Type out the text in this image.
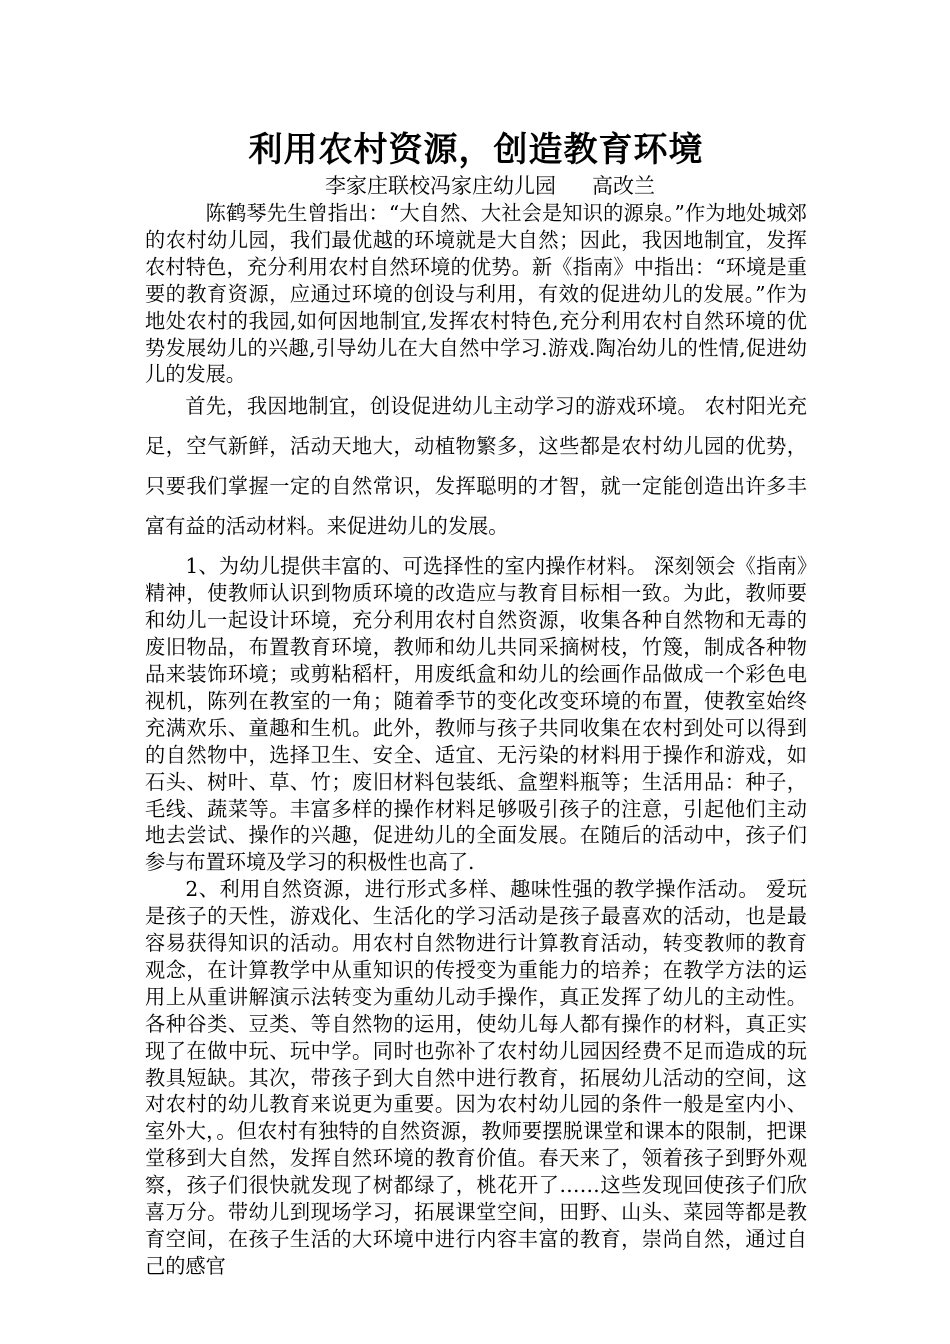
利用农村资源，创造教育环境
李家庄联校冯家庄幼儿园 高改兰

陈鹤琴先生曾指出：“大自然、大社会是知识的源泉。”作为地处城郊的农村幼儿园，我们最优越的环境就是大自然；因此，我因地制宜，发挥农村特色，充分利用农村自然环境的优势。新《指南》中指出：“环境是重要的教育资源，应通过环境的创设与利用，有效的促进幼儿的发展。”作为地处农村的我园,如何因地制宜,发挥农村特色,充分利用农村自然环境的优势发展幼儿的兴趣,引导幼儿在大自然中学习.游戏.陶冶幼儿的性情,促进幼儿的发展。

首先，我因地制宜，创设促进幼儿主动学习的游戏环境。 农村阳光充足，空气新鲜，活动天地大，动植物繁多，这些都是农村幼儿园的优势，只要我们掌握一定的自然常识，发挥聪明的才智，就一定能创造出许多丰富有益的活动材料。来促进幼儿的发展。

1、为幼儿提供丰富的、可选择性的室内操作材料。 深刻领会《指南》精神，使教师认识到物质环境的改造应与教育目标相一致。为此，教师要和幼儿一起设计环境，充分利用农村自然资源，收集各种自然物和无毒的废旧物品，布置教育环境，教师和幼儿共同采摘树枝，竹篾，制成各种物品来装饰环境；或剪粘稻杆，用废纸盒和幼儿的绘画作品做成一个彩色电视机，陈列在教室的一角；随着季节的变化改变环境的布置，使教室始终充满欢乐、童趣和生机。此外，教师与孩子共同收集在农村到处可以得到的自然物中，选择卫生、安全、适宜、无污染的材料用于操作和游戏，如石头、树叶、草、竹；废旧材料包装纸、盒塑料瓶等；生活用品：种子，毛线、蔬菜等。丰富多样的操作材料足够吸引孩子的注意，引起他们主动地去尝试、操作的兴趣，促进幼儿的全面发展。在随后的活动中，孩子们参与布置环境及学习的积极性也高了.

2、利用自然资源，进行形式多样、趣味性强的教学操作活动。 爱玩是孩子的天性，游戏化、生活化的学习活动是孩子最喜欢的活动，也是最容易获得知识的活动。用农村自然物进行计算教育活动，转变教师的教育观念，在计算教学中从重知识的传授变为重能力的培养；在教学方法的运用上从重讲解演示法转变为重幼儿动手操作，真正发挥了幼儿的主动性。各种谷类、豆类、等自然物的运用，使幼儿每人都有操作的材料，真正实现了在做中玩、玩中学。同时也弥补了农村幼儿园因经费不足而造成的玩教具短缺。其次，带孩子到大自然中进行教育，拓展幼儿活动的空间，这对农村的幼儿教育来说更为重要。因为农村幼儿园的条件一般是室内小、室外大，。但农村有独特的自然资源，教师要摆脱课堂和课本的限制，把课堂移到大自然，发挥自然环境的教育价值。春天来了，领着孩子到野外观察，孩子们很快就发现了树都绿了，桃花开了……这些发现回使孩子们欣喜万分。带幼儿到现场学习，拓展课堂空间，田野、山头、菜园等都是教育空间，在孩子生活的大环境中进行内容丰富的教育，崇尚自然，通过自己的感官
